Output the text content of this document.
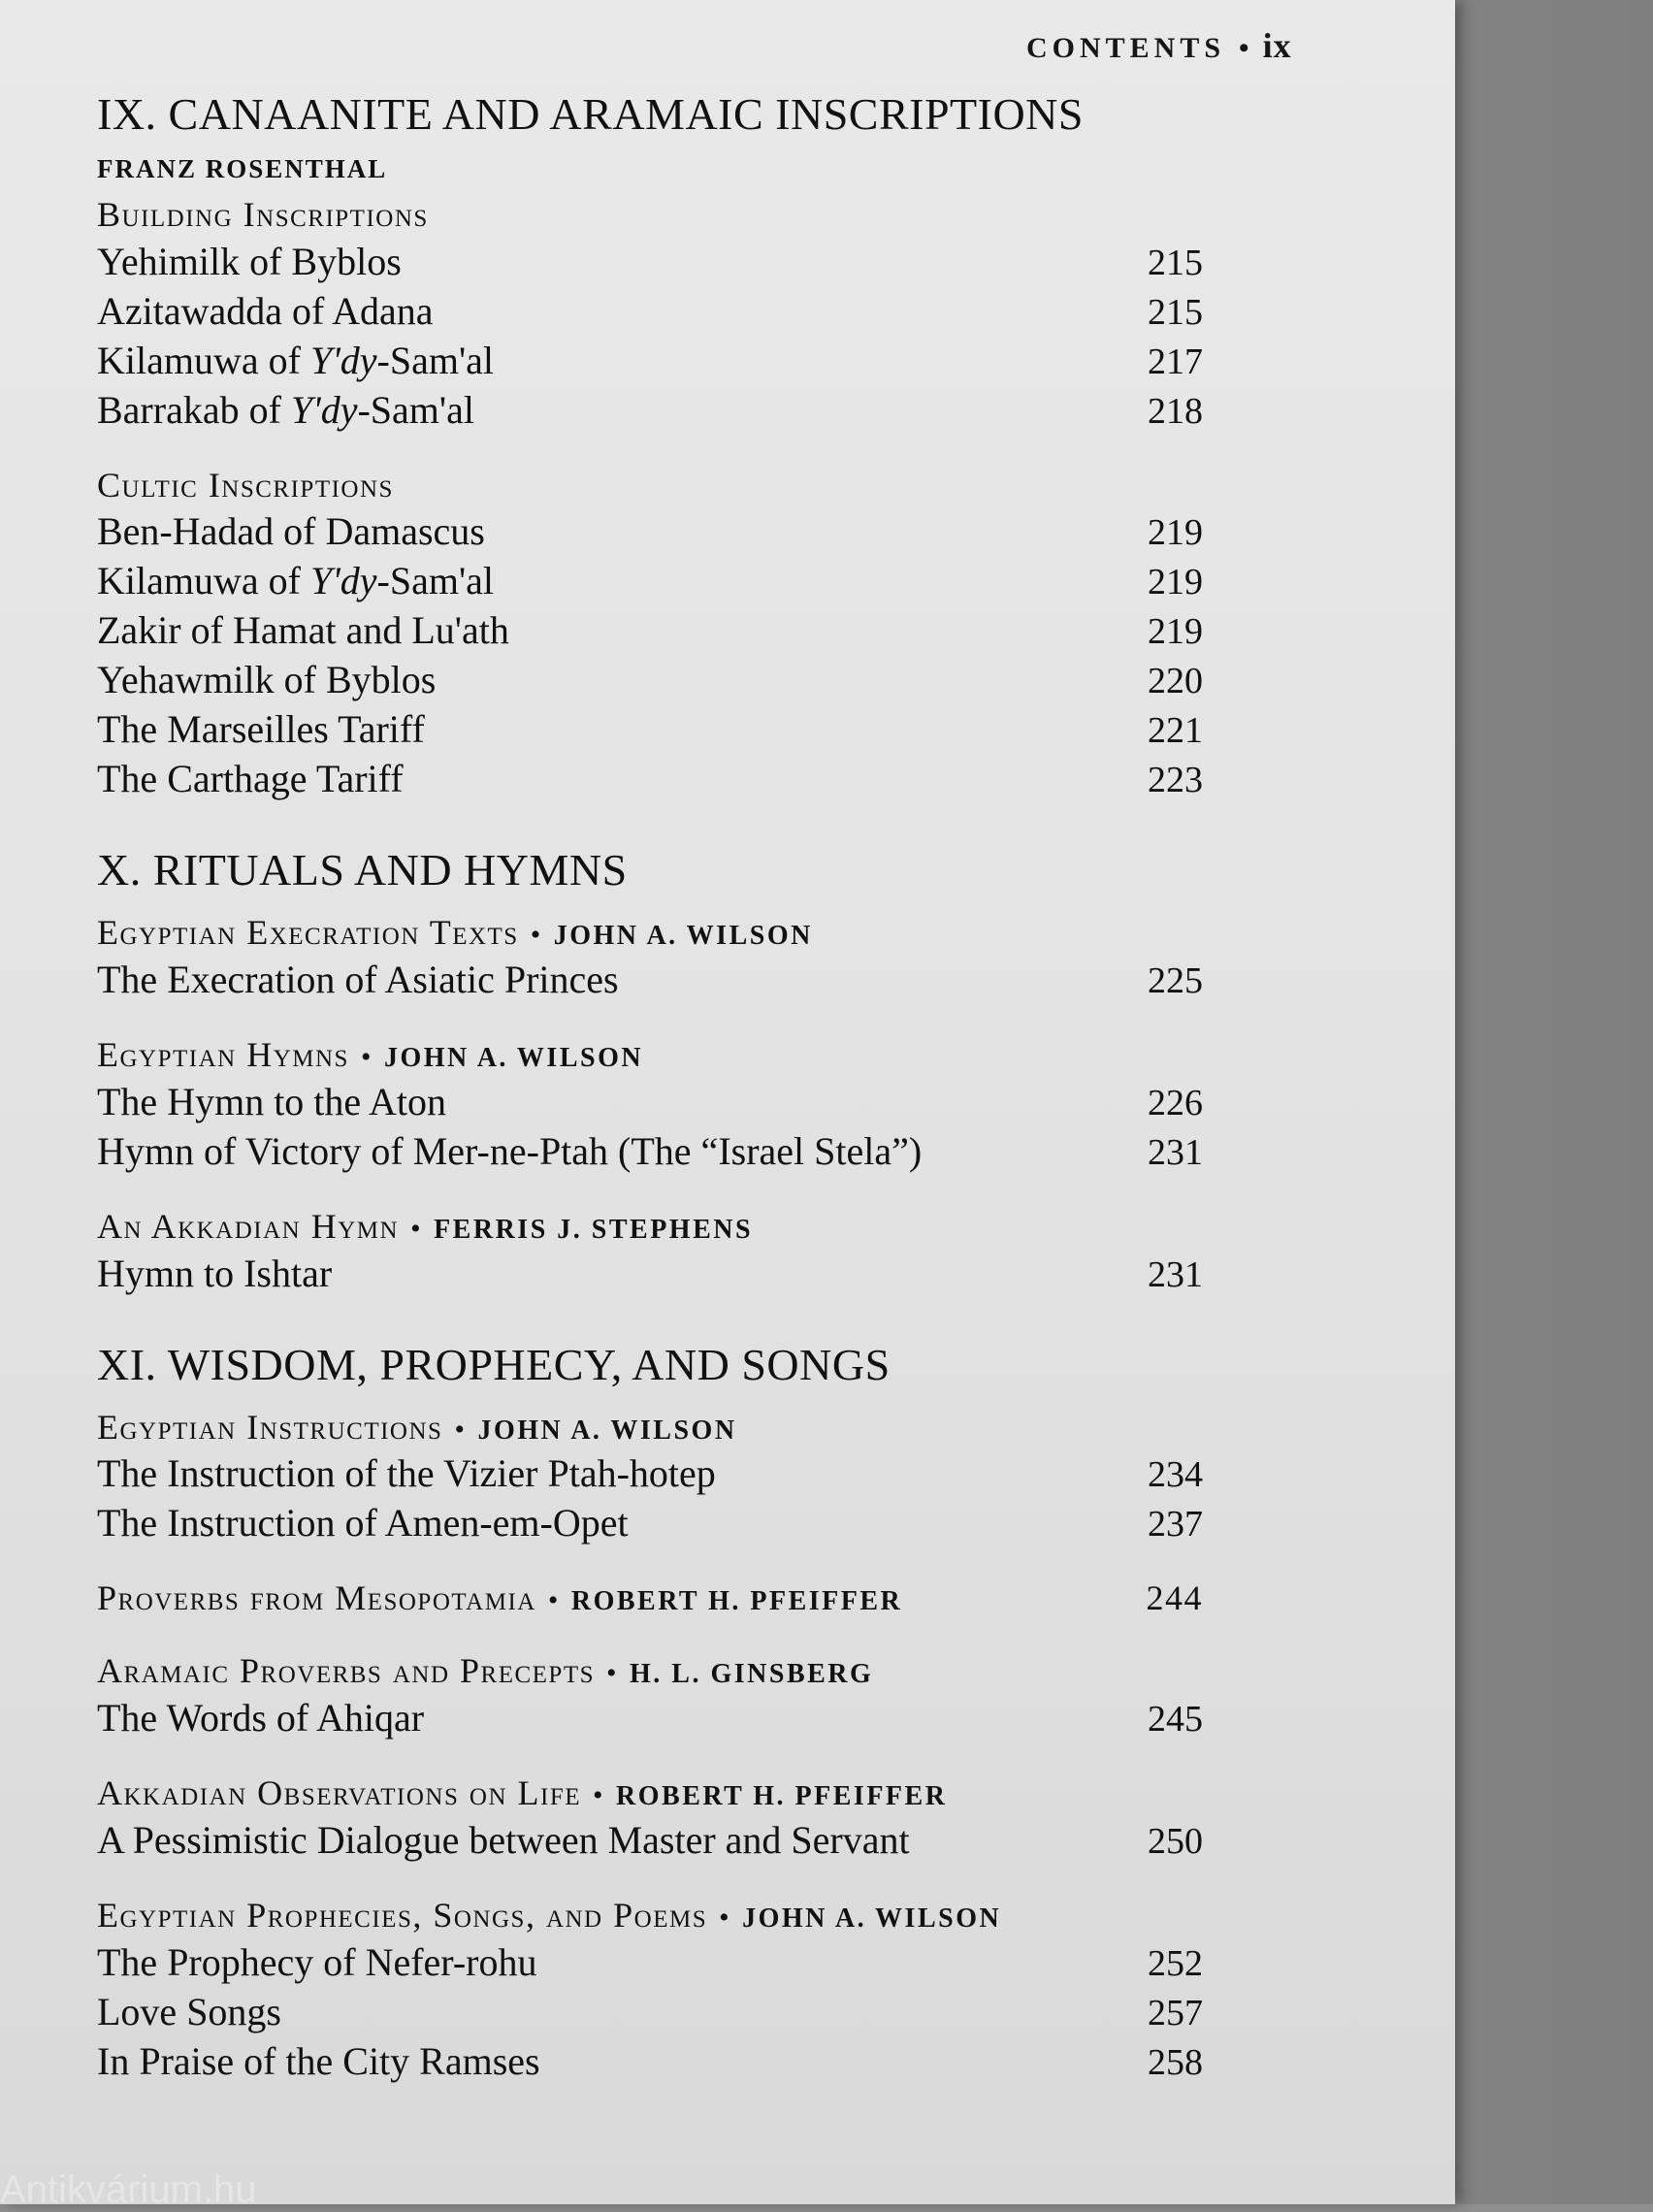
CONTENTS • ix
IX. CANAANITE AND ARAMAIC INSCRIPTIONS
FRANZ ROSENTHAL
Building Inscriptions
Yehimilk of Byblos	215
Azitawadda of Adana	215
Kilamuwa of Y'dy-Sam'al	217
Barrakab of Y'dy-Sam'al	218
Cultic Inscriptions
Ben-Hadad of Damascus	219
Kilamuwa of Y'dy-Sam'al	219
Zakir of Hamat and Lu'ath	219
Yehawmilk of Byblos	220
The Marseilles Tariff	221
The Carthage Tariff	223
X. RITUALS AND HYMNS
Egyptian Execration Texts • JOHN A. WILSON
The Execration of Asiatic Princes	225
Egyptian Hymns • JOHN A. WILSON
The Hymn to the Aton	226
Hymn of Victory of Mer-ne-Ptah (The “Israel Stela”)	231
An Akkadian Hymn • FERRIS J. STEPHENS
Hymn to Ishtar	231
XI. WISDOM, PROPHECY, AND SONGS
Egyptian Instructions • JOHN A. WILSON
The Instruction of the Vizier Ptah-hotep	234
The Instruction of Amen-em-Opet	237
Proverbs from Mesopotamia • ROBERT H. PFEIFFER	244
Aramaic Proverbs and Precepts • H. L. GINSBERG
The Words of Ahiqar	245
Akkadian Observations on Life • ROBERT H. PFEIFFER
A Pessimistic Dialogue between Master and Servant	250
Egyptian Prophecies, Songs, and Poems • JOHN A. WILSON
The Prophecy of Nefer-rohu	252
Love Songs	257
In Praise of the City Ramses	258
Antikvárium.hu
